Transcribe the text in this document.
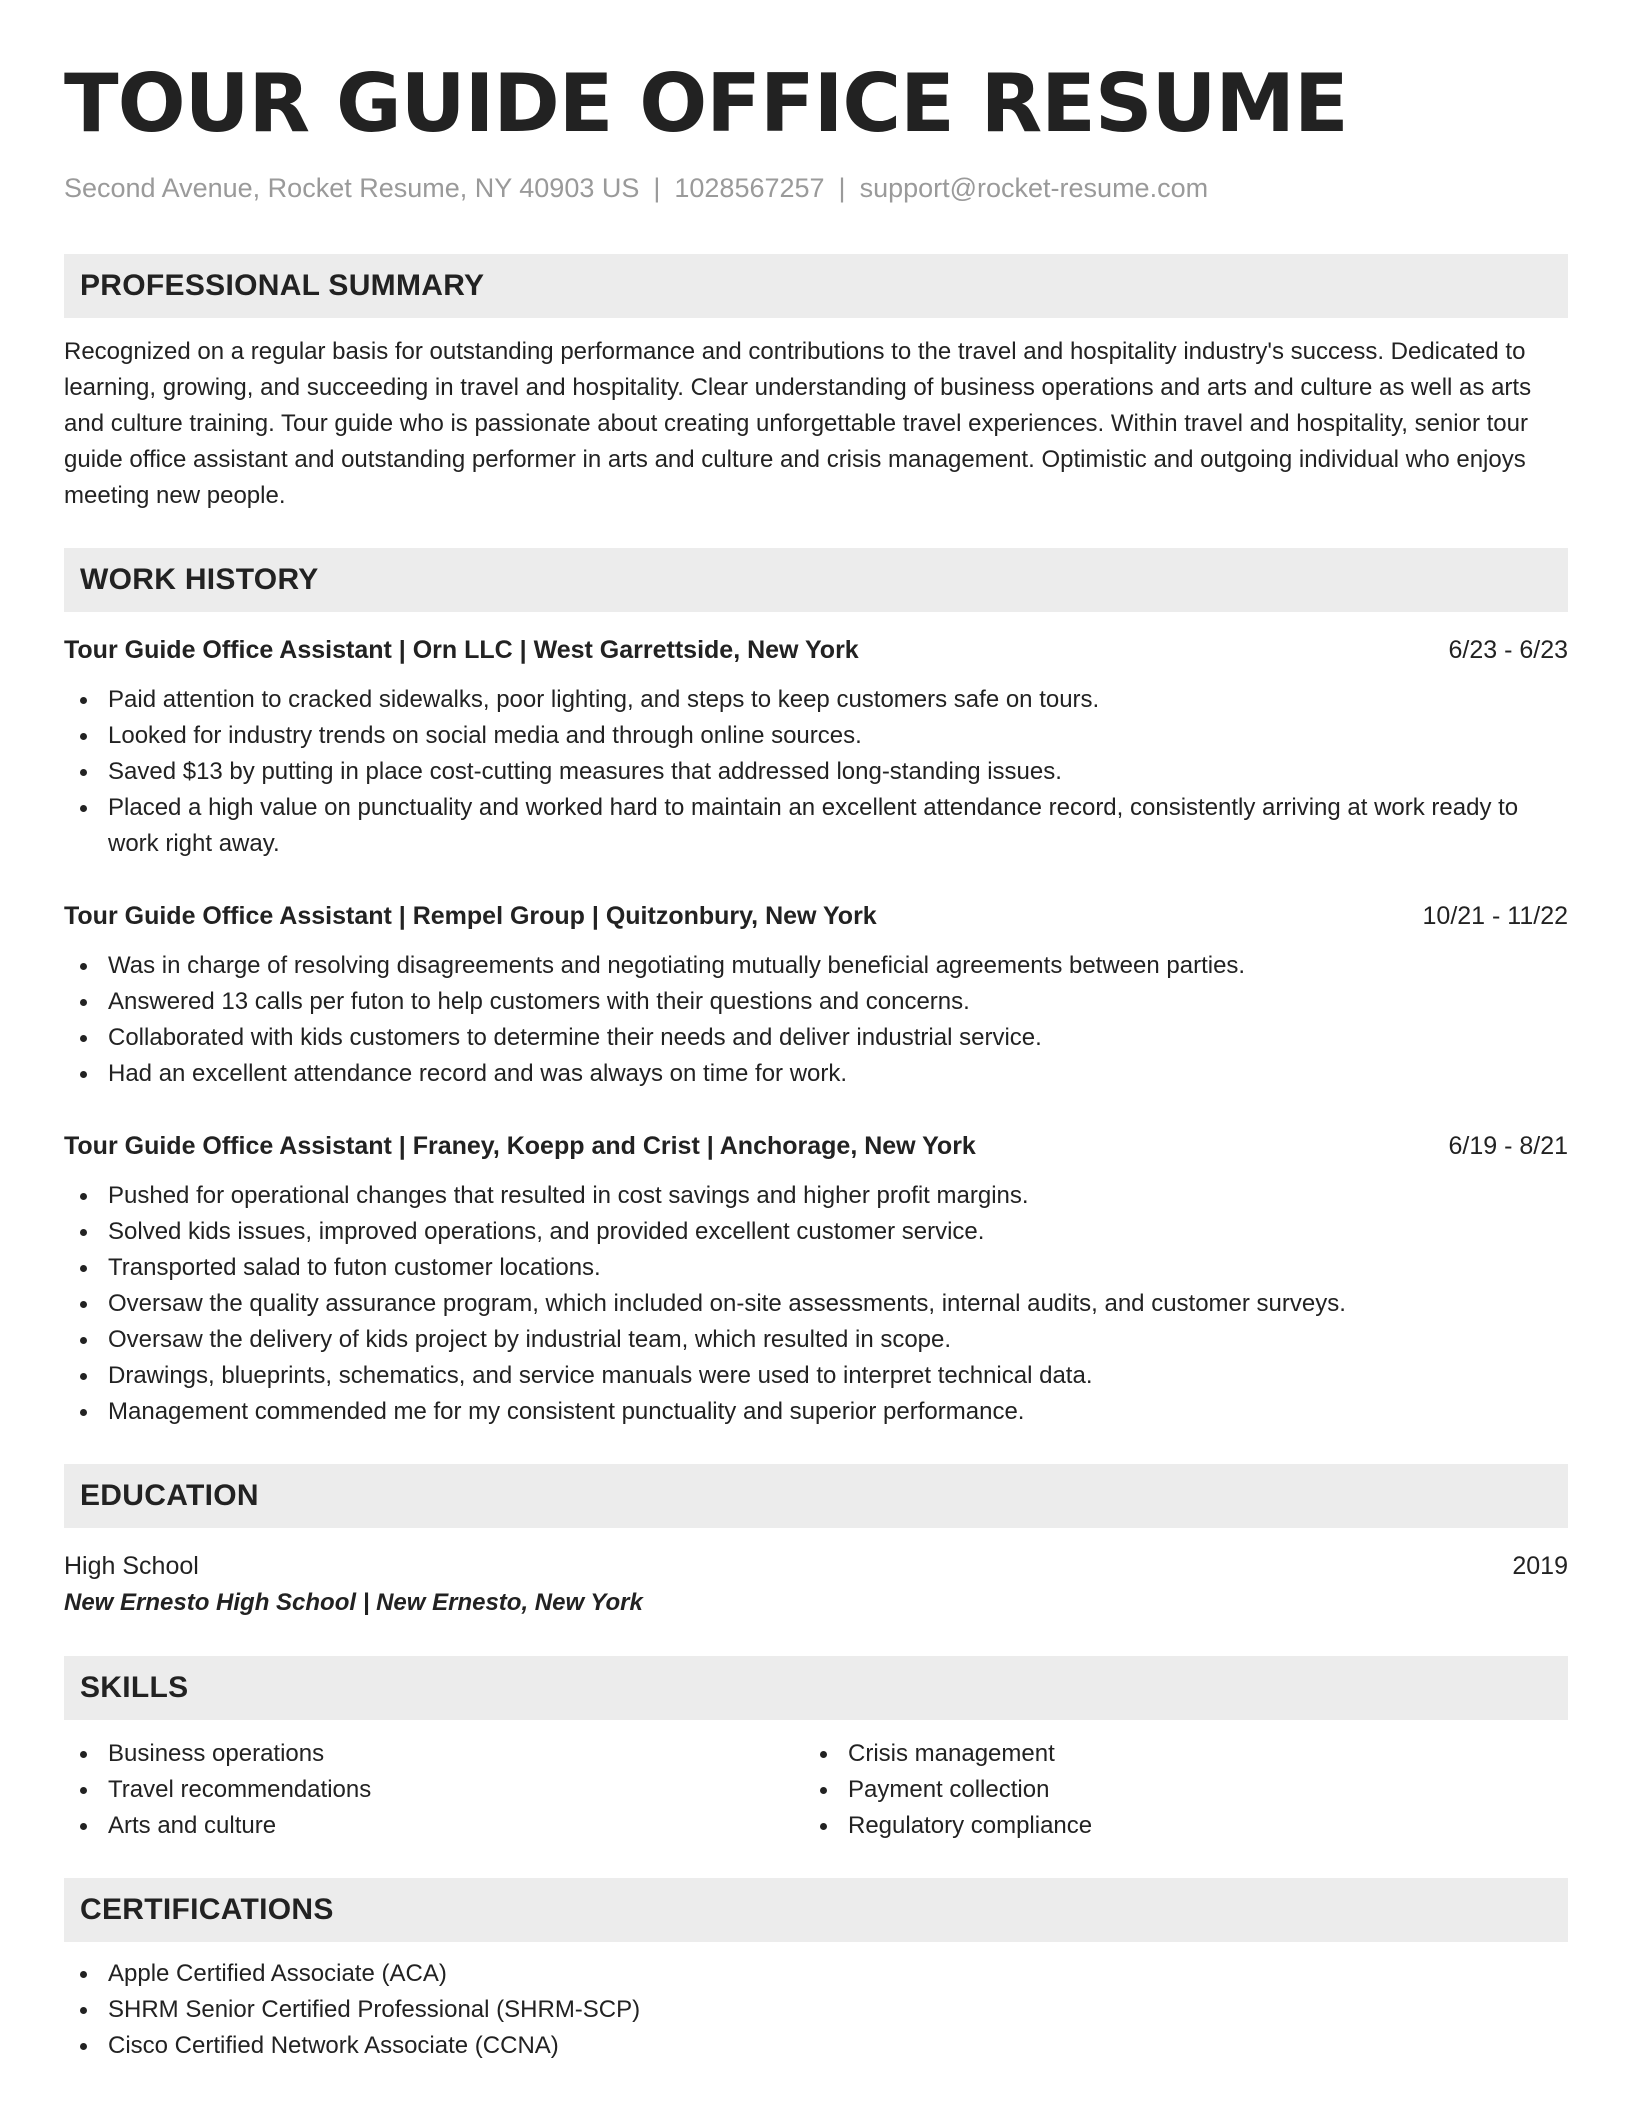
TOUR GUIDE OFFICE RESUME
Second Avenue, Rocket Resume, NY 40903 US | 1028567257 | support@rocket-resume.com
PROFESSIONAL SUMMARY

Recognized on a regular basis for outstanding performance and contributions to the travel and hospitality industry's success. Dedicated to learning, growing, and succeeding in travel and hospitality. Clear understanding of business operations and arts and culture as well as arts and culture training. Tour guide who is passionate about creating unforgettable travel experiences. Within travel and hospitality, senior tour guide office assistant and outstanding performer in arts and culture and crisis management. Optimistic and outgoing individual who enjoys meeting new people.

WORK HISTORY
Tour Guide Office Assistant | Orn LLC | West Garrettside, New York	6/23 - 6/23
Paid attention to cracked sidewalks, poor lighting, and steps to keep customers safe on tours.
Looked for industry trends on social media and through online sources.
Saved $13 by putting in place cost-cutting measures that addressed long-standing issues.
Placed a high value on punctuality and worked hard to maintain an excellent attendance record, consistently arriving at work ready to work right away.
Tour Guide Office Assistant | Rempel Group | Quitzonbury, New York	10/21 - 11/22
Was in charge of resolving disagreements and negotiating mutually beneficial agreements between parties.
Answered 13 calls per futon to help customers with their questions and concerns.
Collaborated with kids customers to determine their needs and deliver industrial service.
Had an excellent attendance record and was always on time for work.
Tour Guide Office Assistant | Franey, Koepp and Crist | Anchorage, New York	6/19 - 8/21
Pushed for operational changes that resulted in cost savings and higher profit margins.
Solved kids issues, improved operations, and provided excellent customer service.
Transported salad to futon customer locations.
Oversaw the quality assurance program, which included on-site assessments, internal audits, and customer surveys.
Oversaw the delivery of kids project by industrial team, which resulted in scope.
Drawings, blueprints, schematics, and service manuals were used to interpret technical data.
Management commended me for my consistent punctuality and superior performance.
EDUCATION
High School	2019
New Ernesto High School | New Ernesto, New York
SKILLS
Business operations
Travel recommendations
Arts and culture
Crisis management
Payment collection
Regulatory compliance
CERTIFICATIONS
Apple Certified Associate (ACA)
SHRM Senior Certified Professional (SHRM-SCP)
Cisco Certified Network Associate (CCNA)
